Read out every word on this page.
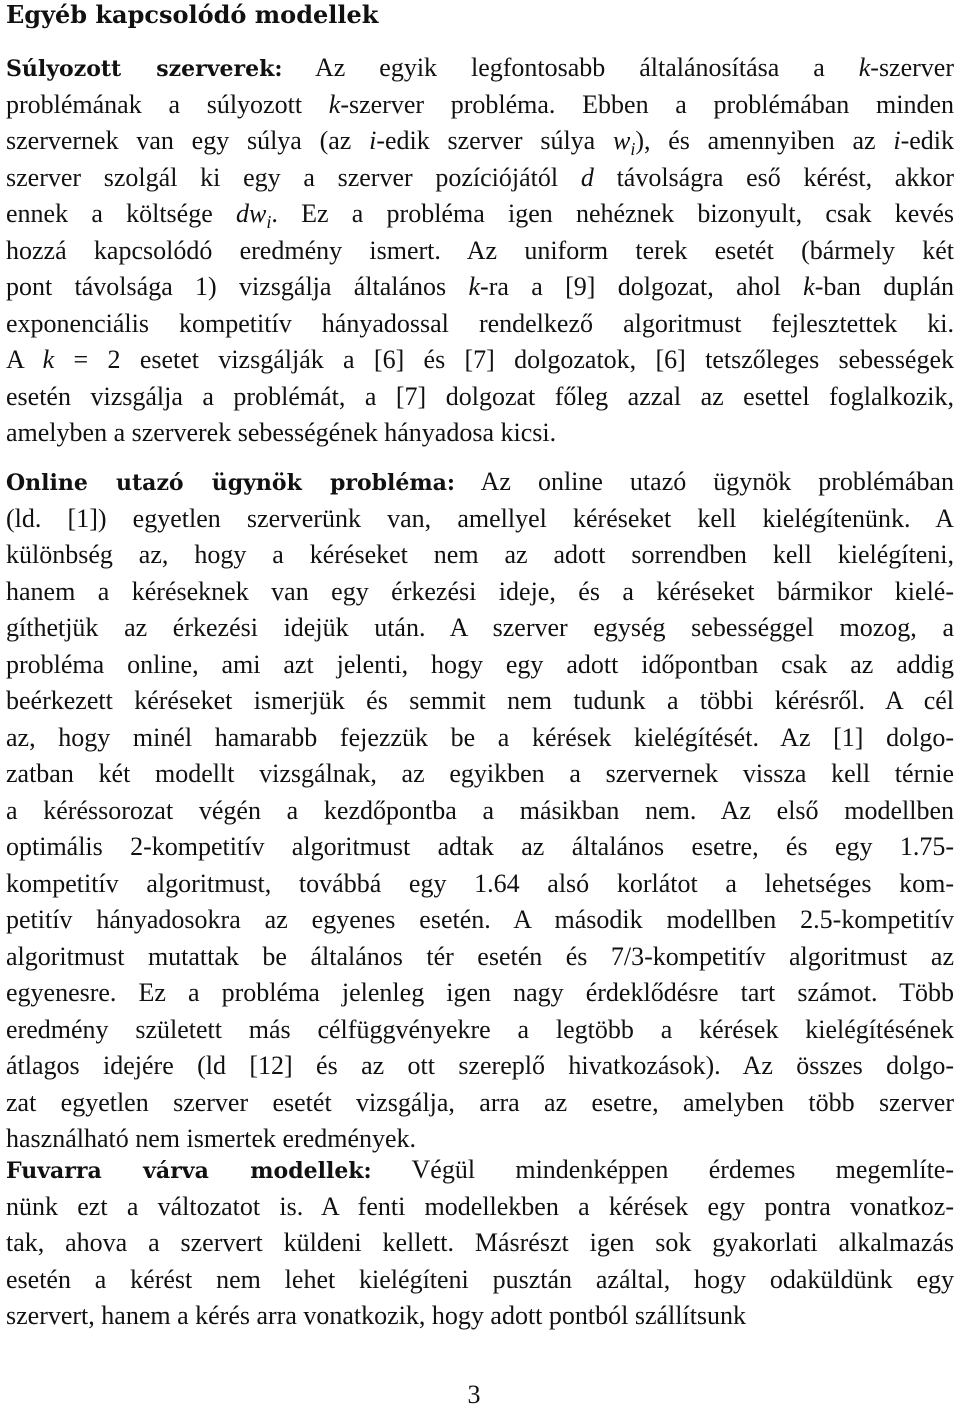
Egyéb kapcsolódó modellek
Súlyozott szerverek: Az egyik legfontosabb általánosítása a k-szerver
problémának a súlyozott k-szerver probléma. Ebben a problémában minden
szervernek van egy súlya (az i-edik szerver súlya $w_i$), és amennyiben az i-edik
szerver szolgál ki egy a szerver pozíciójától d távolságra eső kérést, akkor
ennek a költsége $dw_i$. Ez a probléma igen nehéznek bizonyult, csak kevés
hozzá kapcsolódó eredmény ismert. Az uniform terek esetét (bármely két
pont távolsága 1) vizsgálja általános k-ra a [9] dolgozat, ahol k-ban duplán
exponenciális kompetitív hányadossal rendelkező algoritmust fejlesztettek ki.
A k = 2 esetet vizsgálják a [6] és [7] dolgozatok, [6] tetszőleges sebességek
esetén vizsgálja a problémát, a [7] dolgozat főleg azzal az esettel foglalkozik,
amelyben a szerverek sebességének hányadosa kicsi.
Online utazó ügynök probléma: Az online utazó ügynök problémában
(ld. [1]) egyetlen szerverünk van, amellyel kéréseket kell kielégítenünk. A
különbség az, hogy a kéréseket nem az adott sorrendben kell kielégíteni,
hanem a kéréseknek van egy érkezési ideje, és a kéréseket bármikor kielé-
gíthetjük az érkezési idejük után. A szerver egység sebességgel mozog, a
probléma online, ami azt jelenti, hogy egy adott időpontban csak az addig
beérkezett kéréseket ismerjük és semmit nem tudunk a többi kérésről. A cél
az, hogy minél hamarabb fejezzük be a kérések kielégítését. Az [1] dolgo-
zatban két modellt vizsgálnak, az egyikben a szervernek vissza kell térnie
a kéréssorozat végén a kezdőpontba a másikban nem. Az első modellben
optimális 2-kompetitív algoritmust adtak az általános esetre, és egy 1.75-
kompetitív algoritmust, továbbá egy 1.64 alsó korlátot a lehetséges kom-
petitív hányadosokra az egyenes esetén. A második modellben 2.5-kompetitív
algoritmust mutattak be általános tér esetén és 7/3-kompetitív algoritmust az
egyenesre. Ez a probléma jelenleg igen nagy érdeklődésre tart számot. Több
eredmény született más célfüggvényekre a legtöbb a kérések kielégítésének
átlagos idejére (ld [12] és az ott szereplő hivatkozások). Az összes dolgo-
zat egyetlen szerver esetét vizsgálja, arra az esetre, amelyben több szerver
használható nem ismertek eredmények.
Fuvarra várva modellek: Végül mindenképpen érdemes megemlíte-
nünk ezt a változatot is. A fenti modellekben a kérések egy pontra vonatkoz-
tak, ahova a szervert küldeni kellett. Másrészt igen sok gyakorlati alkalmazás
esetén a kérést nem lehet kielégíteni pusztán azáltal, hogy odaküldünk egy
szervert, hanem a kérés arra vonatkozik, hogy adott pontból szállítsunk
3
